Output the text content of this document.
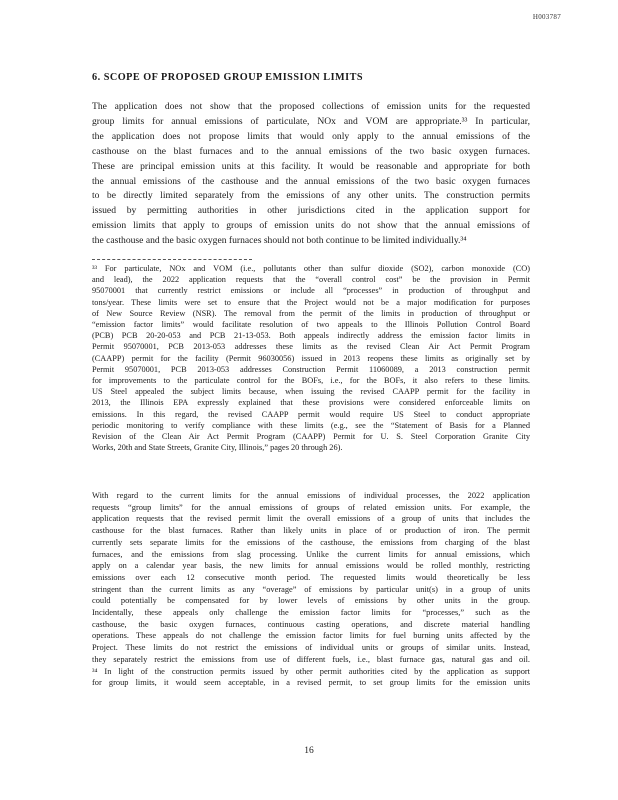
H003787
6. SCOPE OF PROPOSED GROUP EMISSION LIMITS
The application does not show that the proposed collections of emission units for the requested
group limits for annual emissions of particulate, NOx and VOM are appropriate.³³ In particular,
the application does not propose limits that would only apply to the annual emissions of the
casthouse on the blast furnaces and to the annual emissions of the two basic oxygen furnaces.
These are principal emission units at this facility. It would be reasonable and appropriate for both
the annual emissions of the casthouse and the annual emissions of the two basic oxygen furnaces
to be directly limited separately from the emissions of any other units. The construction permits
issued by permitting authorities in other jurisdictions cited in the application support for
emission limits that apply to groups of emission units do not show that the annual emissions of
the casthouse and the basic oxygen furnaces should not both continue to be limited individually.³⁴
³³ For particulate, NOx and VOM (i.e., pollutants other than sulfur dioxide (SO2), carbon monoxide (CO)
and lead), the 2022 application requests that the “overall control cost” be the provision in Permit
95070001 that currently restrict emissions or include all “processes” in production of throughput and
tons/year. These limits were set to ensure that the Project would not be a major modification for purposes
of New Source Review (NSR). The removal from the permit of the limits in production of throughput or
“emission factor limits” would facilitate resolution of two appeals to the Illinois Pollution Control Board
(PCB) PCB 20-20-053 and PCB 21-13-053. Both appeals indirectly address the emission factor limits in
Permit 95070001, PCB 2013-053 addresses these limits as the revised Clean Air Act Permit Program
(CAAPP) permit for the facility (Permit 96030056) issued in 2013 reopens these limits as originally set by
Permit 95070001, PCB 2013-053 addresses Construction Permit 11060089, a 2013 construction permit
for improvements to the particulate control for the BOFs, i.e., for the BOFs, it also refers to these limits.
US Steel appealed the subject limits because, when issuing the revised CAAPP permit for the facility in
2013, the Illinois EPA expressly explained that these provisions were considered enforceable limits on
emissions. In this regard, the revised CAAPP permit would require US Steel to conduct appropriate
periodic monitoring to verify compliance with these limits (e.g., see the “Statement of Basis for a Planned
Revision of the Clean Air Act Permit Program (CAAPP) Permit for U. S. Steel Corporation Granite City
Works, 20th and State Streets, Granite City, Illinois,” pages 20 through 26).
With regard to the current limits for the annual emissions of individual processes, the 2022 application
requests “group limits” for the annual emissions of groups of related emission units. For example, the
application requests that the revised permit limit the overall emissions of a group of units that includes the
casthouse for the blast furnaces. Rather than likely units in place of or production of iron. The permit
currently sets separate limits for the emissions of the casthouse, the emissions from charging of the blast
furnaces, and the emissions from slag processing. Unlike the current limits for annual emissions, which
apply on a calendar year basis, the new limits for annual emissions would be rolled monthly, restricting
emissions over each 12 consecutive month period. The requested limits would theoretically be less
stringent than the current limits as any “overage” of emissions by particular unit(s) in a group of units
could potentially be compensated for by lower levels of emissions by other units in the group.
Incidentally, these appeals only challenge the emission factor limits for “processes,” such as the
casthouse, the basic oxygen furnaces, continuous casting operations, and discrete material handling
operations. These appeals do not challenge the emission factor limits for fuel burning units affected by the
Project. These limits do not restrict the emissions of individual units or groups of similar units. Instead,
they separately restrict the emissions from use of different fuels, i.e., blast furnace gas, natural gas and oil.
³⁴ In light of the construction permits issued by other permit authorities cited by the application as support
for group limits, it would seem acceptable, in a revised permit, to set group limits for the emission units
16
